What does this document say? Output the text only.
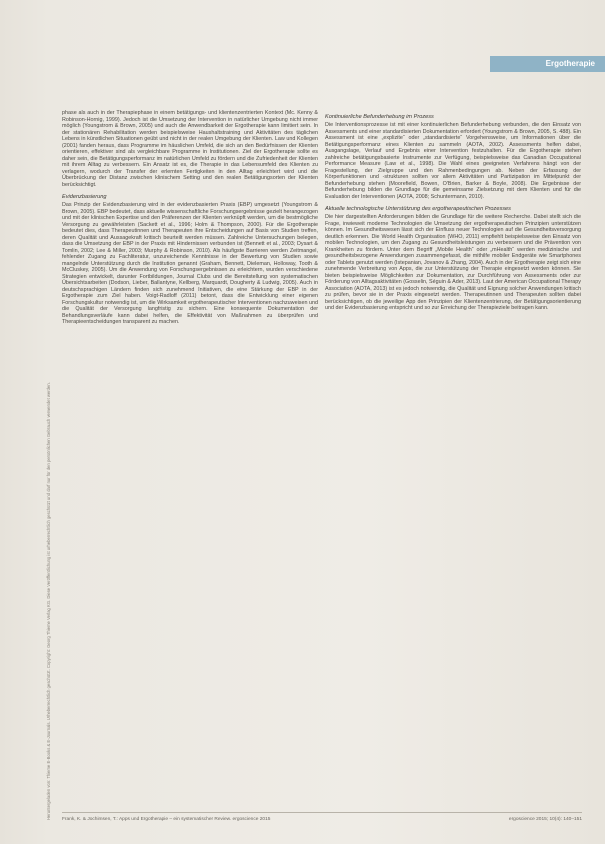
Heruntergeladen von: Thieme E-Books & E-Journals. Urheberrechtlich geschützt. Copyright: Georg Thieme Verlag KG. Diese Veröffentlichung ist urheberrechtlich geschützt und darf nur für den persönlichen Gebrauch verwendet werden.
Ergotherapie

phase als auch in der Therapiephase in einem betätigungs- und klientenzentrierten Kontext (Mc. Kenny & Robinson-Hornig, 1999). Jedoch ist die Umsetzung der Intervention in natürlicher Umgebung nicht immer möglich (Youngstrom & Brown, 2005) und auch die Anwendbarkeit der Ergotherapie kann limitiert sein. In der stationären Rehabilitation werden beispielsweise Haushaltstraining und Aktivitäten des täglichen Lebens in künstlichen Situationen geübt und nicht in der realen Umgebung der Klienten. Law und Kollegen (2001) fanden heraus, dass Programme im häuslichen Umfeld, die sich an den Bedürfnissen der Klienten orientieren, effektiver sind als vergleichbare Programme in Institutionen. Ziel der Ergotherapie sollte es daher sein, die Betätigungsperformanz im natürlichen Umfeld zu fördern und die Zufriedenheit der Klienten mit ihrem Alltag zu verbessern. Ein Ansatz ist es, die Therapie in das Lebensumfeld des Klienten zu verlagern, wodurch der Transfer der erlernten Fertigkeiten in den Alltag erleichtert wird und die Überbrückung der Distanz zwischen klinischem Setting und den realen Betätigungsorten der Klienten berücksichtigt.

Evidenzbasierung

Das Prinzip der Evidenzbasierung wird in der evidenzbasierten Praxis (EBP) umgesetzt (Youngstrom & Brown, 2005). EBP bedeutet, dass aktuelle wissenschaftliche Forschungsergebnisse gezielt herangezogen und mit der klinischen Expertise und den Präferenzen der Klienten verknüpft werden, um die bestmögliche Versorgung zu gewährleisten (Sackett et al., 1996; Holm & Thompson, 2000). Für die Ergotherapie bedeutet dies, dass Therapeutinnen und Therapeuten ihre Entscheidungen auf Basis von Studien treffen, deren Qualität und Aussagekraft kritisch beurteilt werden müssen. Zahlreiche Untersuchungen belegen, dass die Umsetzung der EBP in der Praxis mit Hindernissen verbunden ist (Bennett et al., 2003; Dysart & Tomlin, 2002; Lee & Miller, 2003; Murphy & Robinson, 2010). Als häufigste Barrieren werden Zeitmangel, fehlender Zugang zu Fachliteratur, unzureichende Kenntnisse in der Bewertung von Studien sowie mangelnde Unterstützung durch die Institution genannt (Graham, Bennett, Dieleman, Holloway, Tooth & McCluskey, 2005). Um die Anwendung von Forschungsergebnissen zu erleichtern, wurden verschiedene Strategien entwickelt, darunter Fortbildungen, Journal Clubs und die Bereitstellung von systematischen Übersichtsarbeiten (Dodson, Lieber, Ballantyne, Kellberg, Marquardt, Dougherty & Ludwig, 2005). Auch in deutschsprachigen Ländern finden sich zunehmend Initiativen, die eine Stärkung der EBP in der Ergotherapie zum Ziel haben. Voigt-Radloff (2011) betont, dass die Entwicklung einer eigenen Forschungskultur notwendig ist, um die Wirksamkeit ergotherapeutischer Interventionen nachzuweisen und die Qualität der Versorgung langfristig zu sichern. Eine konsequente Dokumentation der Behandlungsverläufe kann dabei helfen, die Effektivität von Maßnahmen zu überprüfen und Therapieentscheidungen transparent zu machen.

Kontinuierliche Befunderhebung im Prozess

Die Interventionsprozesse ist mit einer kontinuierlichen Befunderhebung verbunden, die den Einsatz von Assessments und einer standardisierten Dokumentation erfordert (Youngstrom & Brown, 2005, S. 488). Ein Assessment ist eine „explizite“ oder „standardisierte“ Vorgehensweise, um Informationen über die Betätigungsperformanz eines Klienten zu sammeln (AOTA, 2002). Assessments helfen dabei, Ausgangslage, Verlauf und Ergebnis einer Intervention festzuhalten. Für die Ergotherapie stehen zahlreiche betätigungsbasierte Instrumente zur Verfügung, beispielsweise das Canadian Occupational Performance Measure (Law et al., 1998). Die Wahl eines geeigneten Verfahrens hängt von der Fragestellung, der Zielgruppe und den Rahmenbedingungen ab. Neben der Erfassung der Körperfunktionen und -strukturen sollten vor allem Aktivitäten und Partizipation im Mittelpunkt der Befunderhebung stehen (Moorefield, Bowen, O'Brien, Barker & Boyle, 2008). Die Ergebnisse der Befunderhebung bilden die Grundlage für die gemeinsame Zielsetzung mit dem Klienten und für die Evaluation der Interventionen (AOTA, 2008; Schuntermann, 2010).

Aktuelle technologische Unterstützung des ergotherapeutischen Prozesses

Die hier dargestellten Anforderungen bilden die Grundlage für die weitere Recherche. Dabei stellt sich die Frage, inwieweit moderne Technologien die Umsetzung der ergotherapeutischen Prinzipien unterstützen können. Im Gesundheitswesen lässt sich der Einfluss neuer Technologien auf die Gesundheitsversorgung deutlich erkennen. Die World Health Organisation (WHO, 2011) empfiehlt beispielsweise den Einsatz von mobilen Technologien, um den Zugang zu Gesundheitsleistungen zu verbessern und die Prävention von Krankheiten zu fördern. Unter dem Begriff „Mobile Health“ oder „mHealth“ werden medizinische und gesundheitsbezogene Anwendungen zusammengefasst, die mithilfe mobiler Endgeräte wie Smartphones oder Tablets genutzt werden (Istepanian, Jovanov & Zhang, 2004). Auch in der Ergotherapie zeigt sich eine zunehmende Verbreitung von Apps, die zur Unterstützung der Therapie eingesetzt werden können. Sie bieten beispielsweise Möglichkeiten zur Dokumentation, zur Durchführung von Assessments oder zur Förderung von Alltagsaktivitäten (Gosselin, Séguin & Ader, 2013). Laut der American Occupational Therapy Association (AOTA, 2013) ist es jedoch notwendig, die Qualität und Eignung solcher Anwendungen kritisch zu prüfen, bevor sie in der Praxis eingesetzt werden. Therapeutinnen und Therapeuten sollten dabei berücksichtigen, ob die jeweilige App den Prinzipien der Klientenzentrierung, der Betätigungsorientierung und der Evidenzbasierung entspricht und so zur Erreichung der Therapieziele beitragen kann.

Frank, K. & Jochimsen, T.: Apps und Ergotherapie – ein systematischer Review. ergoscience 2015	ergoscience 2015; 10(4): 140–151
